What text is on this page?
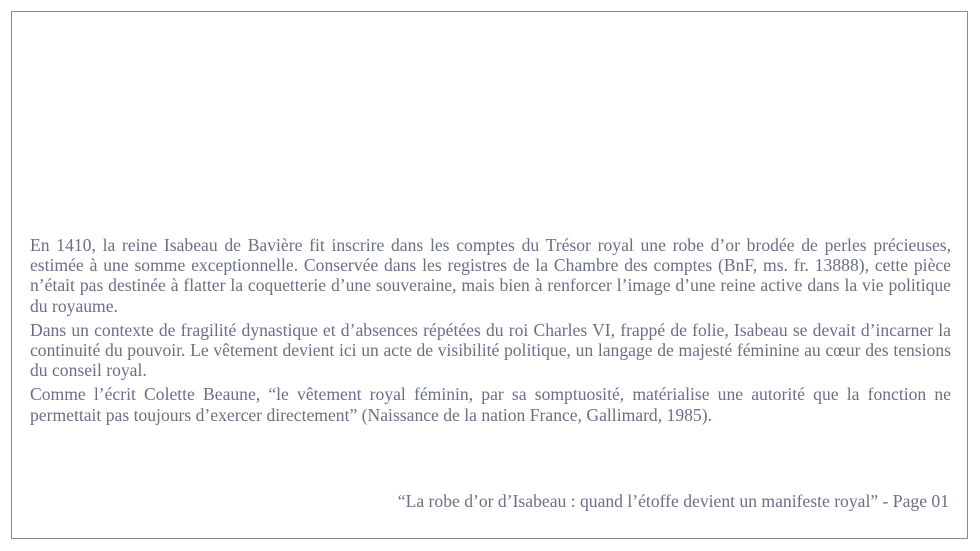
En 1410, la reine Isabeau de Bavière fit inscrire dans les comptes du Trésor royal une robe d’or brodée de perles précieuses, estimée à une somme exceptionnelle. Conservée dans les registres de la Chambre des comptes (BnF, ms. fr. 13888), cette pièce n’était pas destinée à flatter la coquetterie d’une souveraine, mais bien à renforcer l’image d’une reine active dans la vie politique du royaume.

Dans un contexte de fragilité dynastique et d’absences répétées du roi Charles VI, frappé de folie, Isabeau se devait d’incarner la continuité du pouvoir. Le vêtement devient ici un acte de visibilité politique, un langage de majesté féminine au cœur des tensions du conseil royal.

Comme l’écrit Colette Beaune, “le vêtement royal féminin, par sa somptuosité, matérialise une autorité que la fonction ne permettait pas toujours d’exercer directement” (Naissance de la nation France, Gallimard, 1985).

“La robe d’or d’Isabeau : quand l’étoffe devient un manifeste royal” - Page 01
